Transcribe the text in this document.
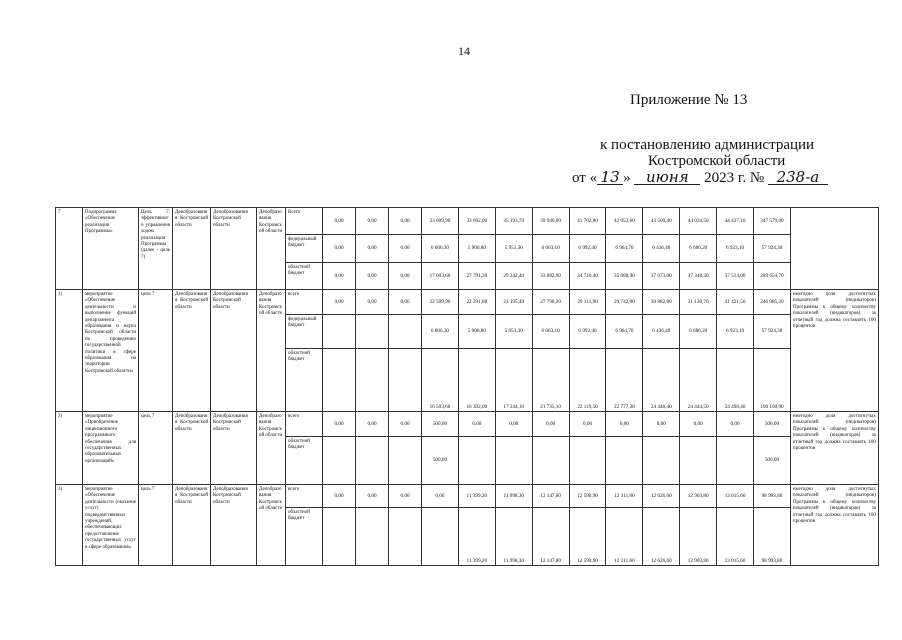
14
Приложение № 13
к постановлению администрации
Костромской области
от « 13 » июня 2023 г. № 238-а
7	Подпрограмма «Обеспечение реализации Программы»	Цель 7: эффективного управления ходом реализации Программы (далее - цель 7)	Депобразования Костромской области	Депобразования Костромской области	Депобразования Костромской области	Всего	0,00	0,00	0,00	23 009,90	33 692,00	35 193,70	39 946,00	41 702,80	42 053,60	43 509,40	44 034,50	44 437,10	347 579,00	
						федеральный бюджет	0,00	0,00	0,00	6 006,30	5 900,80	5 951,30	6 063,10	6 992,40	6 964,70	6 436,40	6 686,20	6 923,10	57 924,30	
						областной бюджет	0,00	0,00	0,00	17 003,60	27 791,20	29 242,40	33 882,90	34 710,40	35 088,90	37 073,00	37 348,30	37 514,00	289 654,70	
1)	мероприятие «Обеспечение деятельности и выполнение функций департамента образования и науки Костромской области по проведению государственной политики в сфере образования на территории Костромской области»	цель 7	Депобразования Костромской области	Депобразования Костромской области	Депобразования Костромской области	всего	0,00	0,00	0,00	22 509,90	22 291,80	23 195,40	27 798,20	29 111,90	29 742,00	30 882,80	31 130,70	31 421,50	246 085,20	ежегодно доля достигнутых показателей (индикаторов) Программы к общему количеству показателей (индикаторов) за отчетный год должна составлять 100 процентов
						федеральный бюджет				6 006,30	5 900,80	5 951,30	6 063,10	6 992,40	6 964,70	6 436,40	6 686,20	6 923,10	57 924,30	
						областной бюджет				16 503,60	16 392,00	17 244,10	21 735,10	22 119,50	22 777,30	24 446,40	24 444,50	24 498,40	190 160,90	
2)	мероприятие «Приобретение лицензионного программного обеспечения для государственных образовательных организаций»	цель 7	Депобразования Костромской области	Депобразования Костромской области	Депобразования Костромской области	всего	0,00	0,00	0,00	500,00	0,00	0,00	0,00	0,00	0,00	0,00	0,00	0,00	500,00	ежегодно доля достигнутых показателей (индикаторов) Программы к общему количеству показателей (индикаторов) за отчетный год должна составлять 100 процентов
						областной бюджет				500,00									500,00	
3)	мероприятие «Обеспечение деятельности (оказание услуг) подведомственных учреждений, обеспечивающих предоставление государственных услуг в сфере образования»	цель 7	Депобразования Костромской области	Депобразования Костромской области	Депобразования Костромской области	всего	0,00	0,00	0,00	0,00	11 399,20	11 998,30	12 147,80	12 590,90	12 311,60	12 626,60	12 903,80	13 015,60	98 993,80	ежегодно доля достигнутых показателей (индикаторов) Программы к общему количеству показателей (индикаторов) за отчетный год должна составлять 100 процентов
						областной бюджет					11 399,20	11 998,30	12 147,80	12 590,90	12 311,60	12 626,60	12 903,80	13 015,60	98 993,80	
